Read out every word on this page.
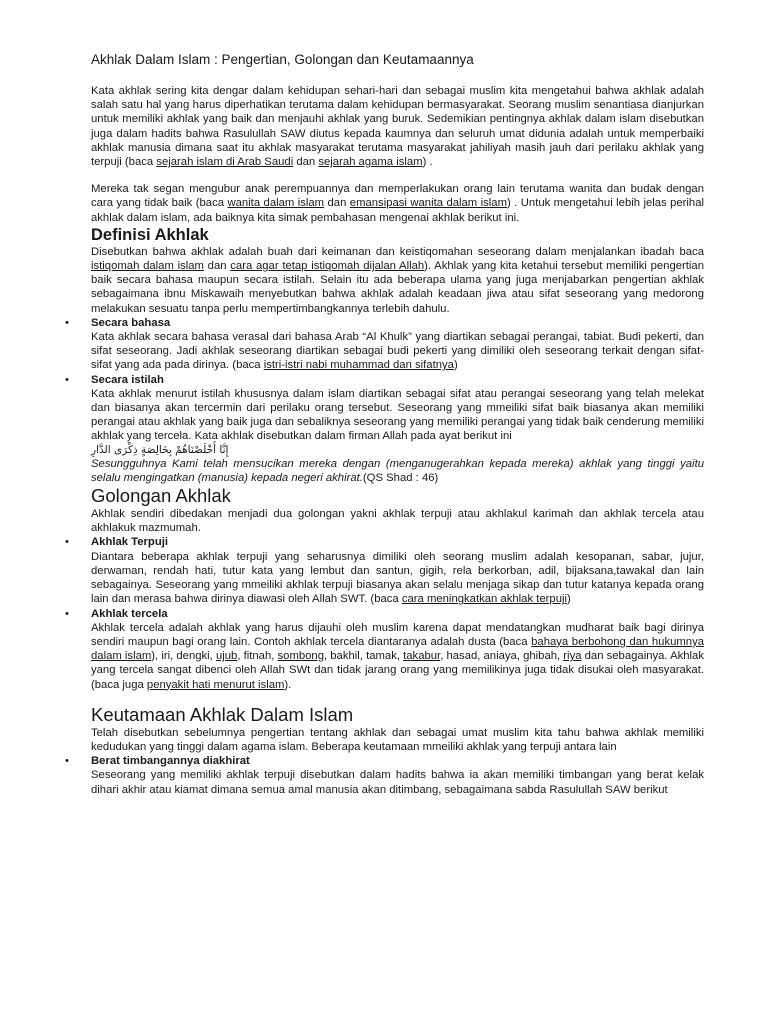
Akhlak Dalam Islam : Pengertian, Golongan dan Keutamaannya

Kata akhlak sering kita dengar dalam kehidupan sehari-hari dan sebagai muslim kita mengetahui bahwa akhlak adalah salah satu hal yang harus diperhatikan terutama dalam kehidupan bermasyarakat. Seorang muslim senantiasa dianjurkan untuk memiliki akhlak yang baik dan menjauhi akhlak yang buruk. Sedemikian pentingnya akhlak dalam islam disebutkan juga dalam hadits bahwa Rasulullah SAW diutus kepada kaumnya dan seluruh umat didunia adalah untuk memperbaiki akhlak manusia dimana saat itu akhlak masyarakat terutama masyarakat jahiliyah masih jauh dari perilaku akhlak yang terpuji (baca sejarah islam di Arab Saudi dan sejarah agama islam) .

Mereka tak segan mengubur anak perempuannya dan memperlakukan orang lain terutama wanita dan budak dengan cara yang tidak baik (baca wanita dalam islam dan emansipasi wanita dalam islam) . Untuk mengetahui lebih jelas perihal akhlak dalam islam, ada baiknya kita simak pembahasan mengenai akhlak berikut ini.

Definisi Akhlak

Disebutkan bahwa akhlak adalah buah dari keimanan dan keistiqomahan seseorang dalam menjalankan ibadah baca istiqomah dalam islam dan cara agar tetap istiqomah dijalan Allah). Akhlak yang kita ketahui tersebut memiliki pengertian baik secara bahasa maupun secara istilah. Selain itu ada beberapa ulama yang juga menjabarkan pengertian akhlak sebagaimana ibnu Miskawaih menyebutkan bahwa akhlak adalah keadaan jiwa atau sifat seseorang yang medorong melakukan sesuatu tanpa perlu mempertimbangkannya terlebih dahulu.

• Secara bahasa

Kata akhlak secara bahasa verasal dari bahasa Arab “Al Khulk” yang diartikan sebagai perangai, tabiat. Budi pekerti, dan sifat seseorang. Jadi akhlak seseorang diartikan sebagai budi pekerti yang dimiliki oleh seseorang terkait dengan sifat-sifat yang ada pada dirinya. (baca istri-istri nabi muhammad dan sifatnya)

• Secara istilah

Kata akhlak menurut istilah khususnya dalam islam diartikan sebagai sifat atau perangai seseorang yang telah melekat dan biasanya akan tercermin dari perilaku orang tersebut. Seseorang yang mmeiliki sifat baik biasanya akan memiliki perangai atau akhlak yang baik juga dan sebaliknya seseorang yang memiliki perangai yang tidak baik cenderung memiliki akhlak yang tercela. Kata akhlak disebutkan dalam firman Allah pada ayat berikut ini

إِنَّا أَخْلَصْنَاهُمْ بِخَالِصَةٍ ذِكْرَى الدَّارِ

Sesungguhnya Kami telah mensucikan mereka dengan (menganugerahkan kepada mereka) akhlak yang tinggi yaitu selalu mengingatkan (manusia) kepada negeri akhirat.(QS Shad : 46)

Golongan Akhlak

Akhlak sendiri dibedakan menjadi dua golongan yakni akhlak terpuji atau akhlakul karimah dan akhlak tercela atau akhlakuk mazmumah.

• Akhlak Terpuji

Diantara beberapa akhlak terpuji yang seharusnya dimiliki oleh seorang muslim adalah kesopanan, sabar, jujur, derwaman, rendah hati, tutur kata yang lembut dan santun, gigih, rela berkorban, adil, bijaksana,tawakal dan lain sebagainya. Seseorang yang mmeiliki akhlak terpuji biasanya akan selalu menjaga sikap dan tutur katanya kepada orang lain dan merasa bahwa dirinya diawasi oleh Allah SWT. (baca cara meningkatkan akhlak terpuji)

• Akhlak tercela

Akhlak tercela adalah akhlak yang harus dijauhi oleh muslim karena dapat mendatangkan mudharat baik bagi dirinya sendiri maupun bagi orang lain. Contoh akhlak tercela diantaranya adalah dusta (baca bahaya berbohong dan hukumnya dalam islam), iri, dengki, ujub, fitnah, sombong, bakhil, tamak, takabur, hasad, aniaya, ghibah, riya dan sebagainya. Akhlak yang tercela sangat dibenci oleh Allah SWt dan tidak jarang orang yang memilikinya juga tidak disukai oleh masyarakat. (baca juga penyakit hati menurut islam).

Keutamaan Akhlak Dalam Islam

Telah disebutkan sebelumnya pengertian tentang akhlak dan sebagai umat muslim kita tahu bahwa akhlak memiliki kedudukan yang tinggi dalam agama islam. Beberapa keutamaan mmeiliki akhlak yang terpuji antara lain

• Berat timbangannya diakhirat

Seseorang yang memiliki akhlak terpuji disebutkan dalam hadits bahwa ia akan memiliki timbangan yang berat kelak dihari akhir atau kiamat dimana semua amal manusia akan ditimbang, sebagaimana sabda Rasulullah SAW berikut
